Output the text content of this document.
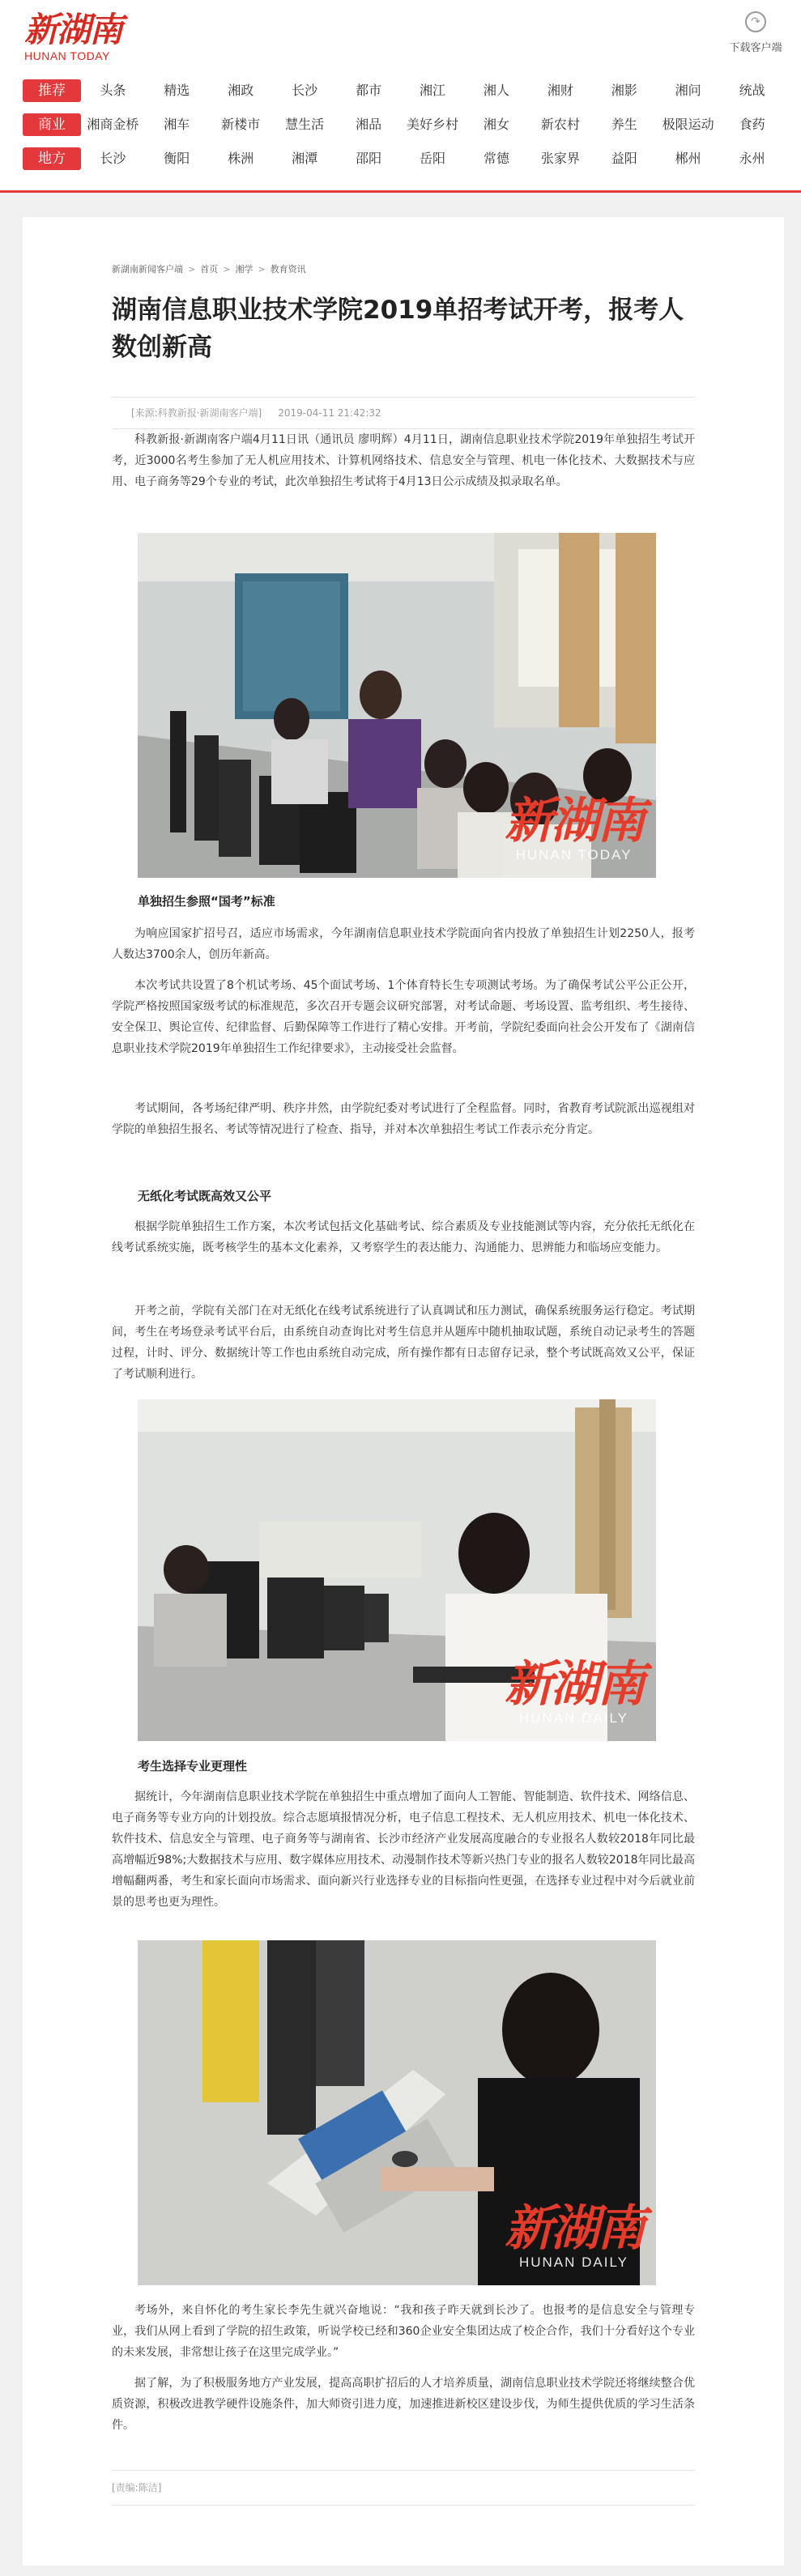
新湖南
HUNAN TODAY
↷
下载客户端
推荐	头条	精选	湘政	长沙	都市	湘江	湘人	湘财	湘影	湘问	统战
商业	湘商金桥	湘车	新楼市	慧生活	湘品	美好乡村	湘女	新农村	养生	极限运动	食药
地方	长沙	衡阳	株洲	湘潭	邵阳	岳阳	常德	张家界	益阳	郴州	永州
新湖南新闻客户端 > 首页 > 湘学 > 教育资讯
湖南信息职业技术学院2019单招考试开考，报考人数创新高
[来源:科教新报·新湖南客户端] 2019-04-11 21:42:32

科教新报·新湖南客户端4月11日讯（通讯员 廖明辉）4月11日，湖南信息职业技术学院2019年单独招生考试开考，近3000名考生参加了无人机应用技术、计算机网络技术、信息安全与管理、机电一体化技术、大数据技术与应用、电子商务等29个专业的考试，此次单独招生考试将于4月13日公示成绩及拟录取名单。

新湖南
HUNAN TODAY
单独招生参照“国考”标准

为响应国家扩招号召，适应市场需求，今年湖南信息职业技术学院面向省内投放了单独招生计划2250人，报考人数达3700余人，创历年新高。

本次考试共设置了8个机试考场、45个面试考场、1个体育特长生专项测试考场。为了确保考试公平公正公开，学院严格按照国家级考试的标准规范，多次召开专题会议研究部署，对考试命题、考场设置、监考组织、考生接待、安全保卫、舆论宣传、纪律监督、后勤保障等工作进行了精心安排。开考前，学院纪委面向社会公开发布了《湖南信息职业技术学院2019年单独招生工作纪律要求》，主动接受社会监督。

考试期间，各考场纪律严明、秩序井然，由学院纪委对考试进行了全程监督。同时，省教育考试院派出巡视组对学院的单独招生报名、考试等情况进行了检查、指导，并对本次单独招生考试工作表示充分肯定。

无纸化考试既高效又公平

根据学院单独招生工作方案，本次考试包括文化基础考试、综合素质及专业技能测试等内容，充分依托无纸化在线考试系统实施，既考核学生的基本文化素养，又考察学生的表达能力、沟通能力、思辨能力和临场应变能力。

开考之前，学院有关部门在对无纸化在线考试系统进行了认真调试和压力测试，确保系统服务运行稳定。考试期间，考生在考场登录考试平台后，由系统自动查询比对考生信息并从题库中随机抽取试题，系统自动记录考生的答题过程，计时、评分、数据统计等工作也由系统自动完成，所有操作都有日志留存记录，整个考试既高效又公平，保证了考试顺利进行。

新湖南
HUNAN DAILY
考生选择专业更理性

据统计，今年湖南信息职业技术学院在单独招生中重点增加了面向人工智能、智能制造、软件技术、网络信息、电子商务等专业方向的计划投放。综合志愿填报情况分析，电子信息工程技术、无人机应用技术、机电一体化技术、软件技术、信息安全与管理、电子商务等与湖南省、长沙市经济产业发展高度融合的专业报名人数较2018年同比最高增幅近98%;大数据技术与应用、数字媒体应用技术、动漫制作技术等新兴热门专业的报名人数较2018年同比最高增幅翻两番，考生和家长面向市场需求、面向新兴行业选择专业的目标指向性更强，在选择专业过程中对今后就业前景的思考也更为理性。

新湖南
HUNAN DAILY

考场外，来自怀化的考生家长李先生就兴奋地说：“我和孩子昨天就到长沙了。也报考的是信息安全与管理专业，我们从网上看到了学院的招生政策，听说学校已经和360企业安全集团达成了校企合作，我们十分看好这个专业的未来发展，非常想让孩子在这里完成学业。”

据了解，为了积极服务地方产业发展，提高高职扩招后的人才培养质量，湖南信息职业技术学院还将继续整合优质资源，积极改进教学硬件设施条件，加大师资引进力度，加速推进新校区建设步伐，为师生提供优质的学习生活条件。

[责编:陈洁]
